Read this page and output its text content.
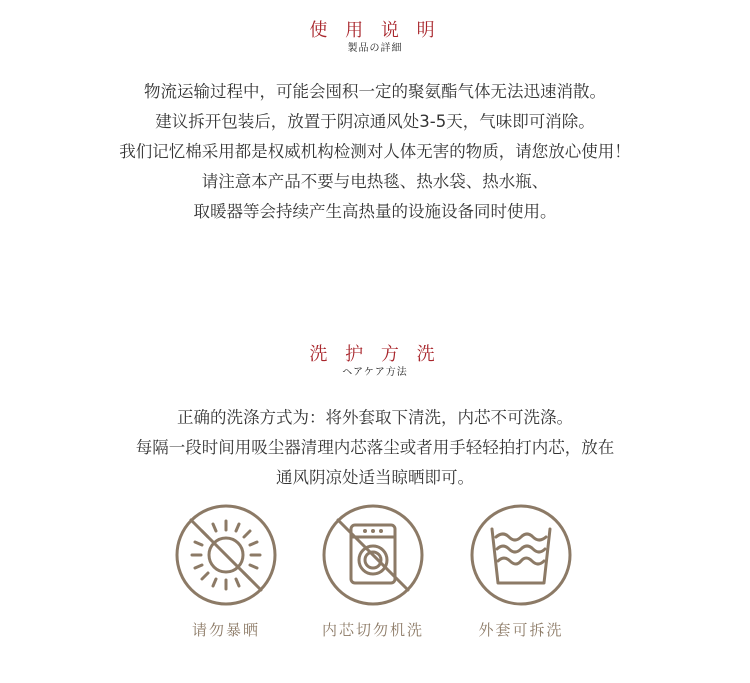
使 用 说 明
製品の詳細
物流运输过程中，可能会囤积一定的聚氨酯气体无法迅速消散。
建议拆开包装后，放置于阴凉通风处3-5天，气味即可消除。
我们记忆棉采用都是权威机构检测对人体无害的物质，请您放心使用！
请注意本产品不要与电热毯、热水袋、热水瓶、
取暖器等会持续产生高热量的设施设备同时使用。
洗 护 方 洗
ヘアケア方法
正确的洗涤方式为：将外套取下清洗，内芯不可洗涤。
每隔一段时间用吸尘器清理内芯落尘或者用手轻轻拍打内芯，放在
通风阴凉处适当晾晒即可。
请勿暴晒	内芯切勿机洗	外套可拆洗
